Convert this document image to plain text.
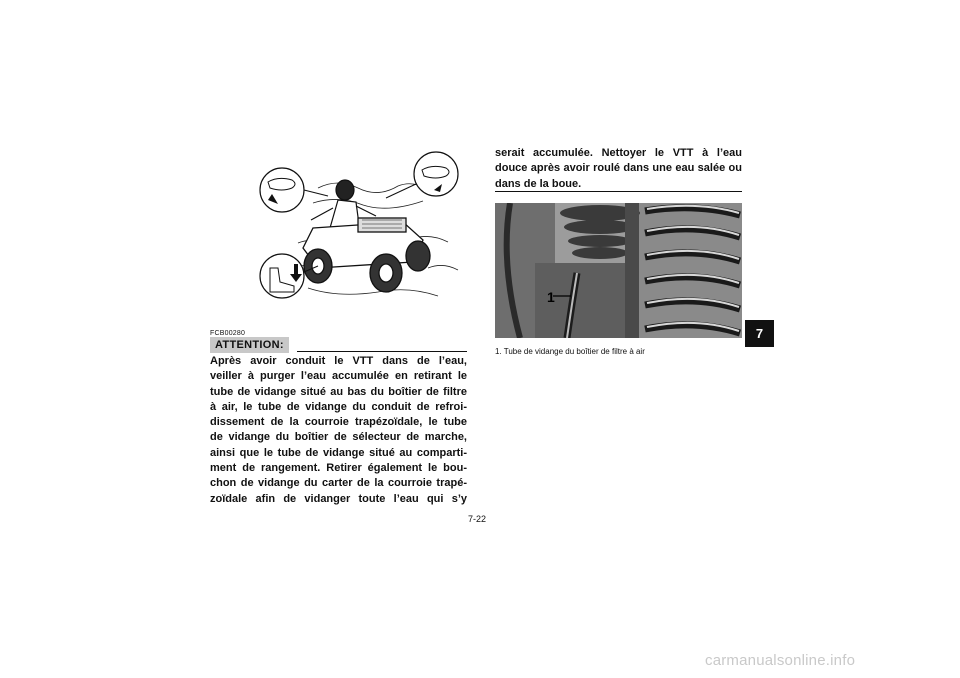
1
FCB00280
ATTENTION:
Après avoir conduit le VTT dans de l’eau,
veiller à purger l’eau accumulée en retirant le
tube de vidange situé au bas du boîtier de filtre
à air, le tube de vidange du conduit de refroi-
dissement de la courroie trapézoïdale, le tube
de vidange du boîtier de sélecteur de marche,
ainsi que le tube de vidange situé au comparti-
ment de rangement. Retirer également le bou-
chon de vidange du carter de la courroie trapé-
zoïdale afin de vidanger toute l’eau qui s’y
serait accumulée. Nettoyer le VTT à l’eau
douce après avoir roulé dans une eau salée ou
dans de la boue.
1. Tube de vidange du boîtier de filtre à air
7-22
7
carmanualsonline.info
